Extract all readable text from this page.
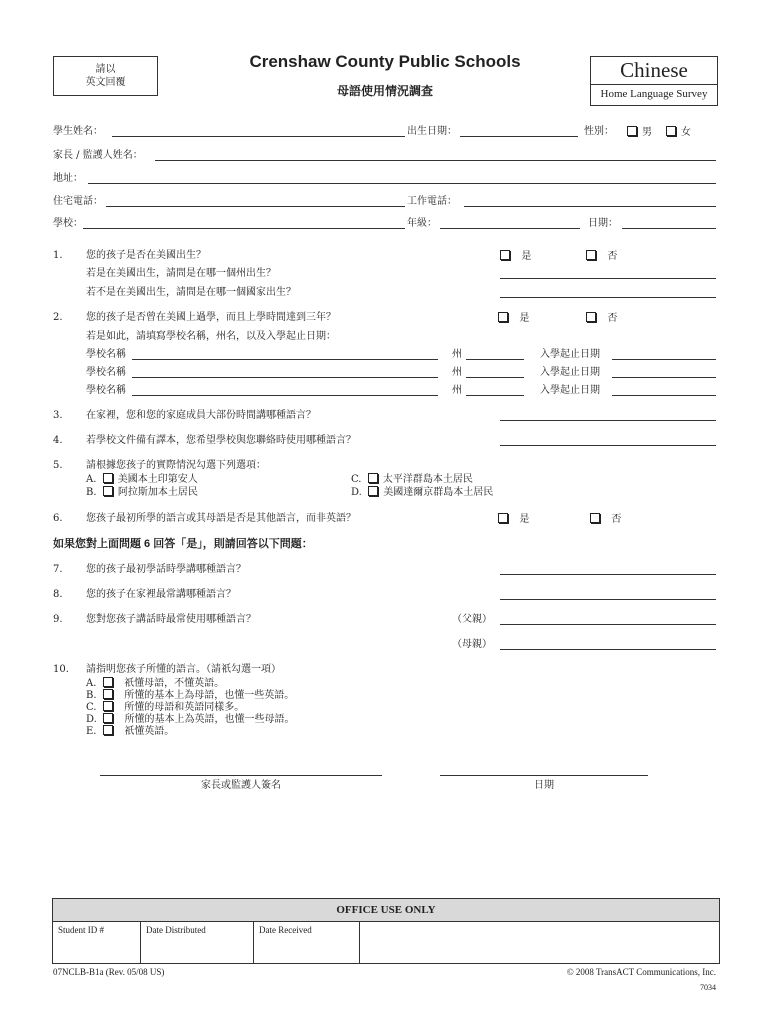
請以
英文回覆
Crenshaw County Public Schools
母語使用情況調查
Chinese
Home Language Survey
學生姓名：	出生日期：	性別：	男	女
家長 / 監護人姓名：
地址：
住宅電話：	工作電話：
學校：	年級：	日期：
1. 您的孩子是否在美國出生？	是	否
若是在美國出生，請問是在哪一個州出生？
若不是在美國出生，請問是在哪一個國家出生？
2. 您的孩子是否曾在美國上過學，而且上學時間達到三年？	是	否
若是如此，請填寫學校名稱，州名，以及入學起止日期：
學校名稱	州	入學起止日期
學校名稱	州	入學起止日期
學校名稱	州	入學起止日期
3. 在家裡，您和您的家庭成員大部份時間講哪種語言？
4. 若學校文件備有譯本，您希望學校與您聯絡時使用哪種語言？
5. 請根據您孩子的實際情況勾選下列選項：
A. 美國本土印第安人
B. 阿拉斯加本土居民
C. 太平洋群島本土居民
D. 美國達爾京群島本土居民
6. 您孩子最初所學的語言或其母語是否是其他語言，而非英語？	是	否
如果您對上面問題 6 回答「是」，則請回答以下問題：
7. 您的孩子最初學話時學講哪種語言？
8. 您的孩子在家裡最常講哪種語言？
9. 您對您孩子講話時最常使用哪種語言？	（父親）
（母親）
10. 請指明您孩子所懂的語言。（請祇勾選一項）
A.	祇懂母語，不懂英語。
B.	所懂的基本上為母語，也懂一些英語。
C.	所懂的母語和英語同樣多。
D.	所懂的基本上為英語，也懂一些母語。
E.	祇懂英語。
家長或監護人簽名	日期
OFFICE USE ONLY
Student ID #	Date Distributed	Date Received
07NCLB-B1a (Rev. 05/08 US)	© 2008 TransACT Communications, Inc.
7034
